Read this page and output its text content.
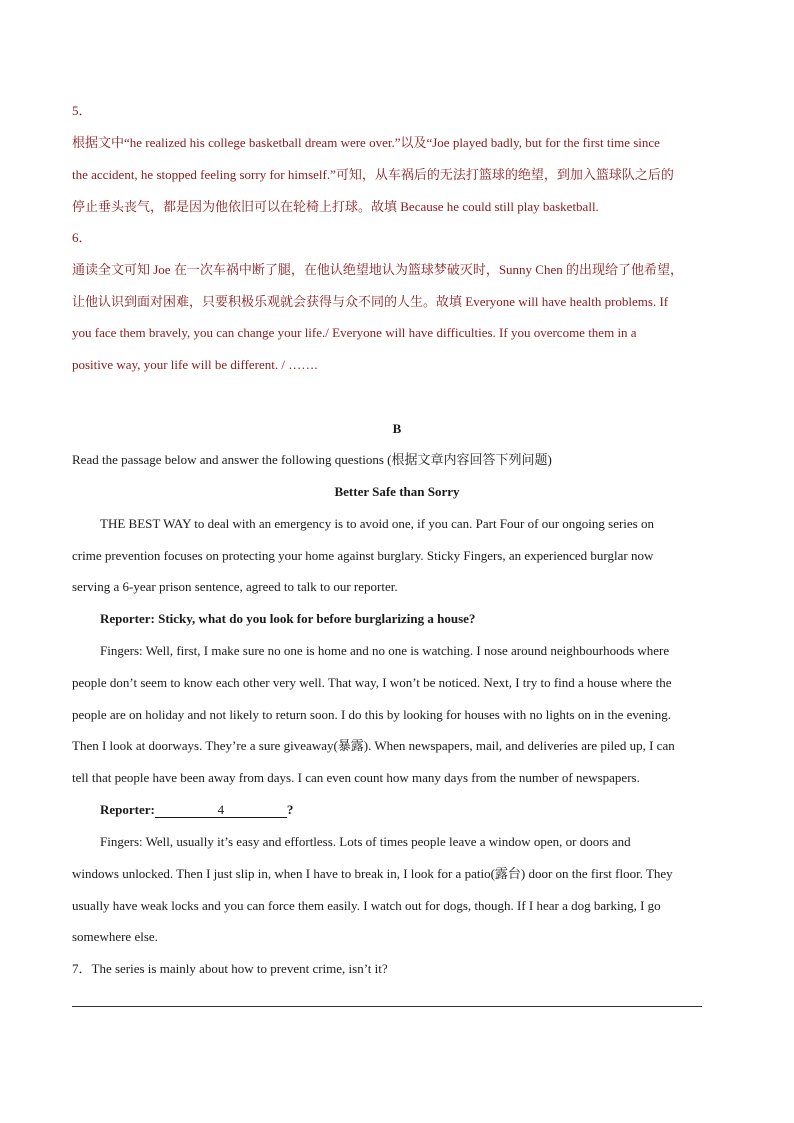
5．
根据文中“he realized his college basketball dream were over.”以及“Joe played badly, but for the first time since
the accident, he stopped feeling sorry for himself.”可知，从车祸后的无法打篮球的绝望，到加入篮球队之后的
停止垂头丧气，都是因为他依旧可以在轮椅上打球。故填 Because he could still play basketball.
6．
通读全文可知 Joe 在一次车祸中断了腿，在他认绝望地认为篮球梦破灭时，Sunny Chen 的出现给了他希望，
让他认识到面对困难，只要积极乐观就会获得与众不同的人生。故填 Everyone will have health problems. If
you face them bravely, you can change your life./ Everyone will have difficulties. If you overcome them in a
positive way, your life will be different. / …….
B
Read the passage below and answer the following questions (根据文章内容回答下列问题)
Better Safe than Sorry
THE BEST WAY to deal with an emergency is to avoid one, if you can. Part Four of our ongoing series on
crime prevention focuses on protecting your home against burglary. Sticky Fingers, an experienced burglar now
serving a 6-year prison sentence, agreed to talk to our reporter.
Reporter: Sticky, what do you look for before burglarizing a house?
Fingers: Well, first, I make sure no one is home and no one is watching. I nose around neighbourhoods where
people don’t seem to know each other very well. That way, I won’t be noticed. Next, I try to find a house where the
people are on holiday and not likely to return soon. I do this by looking for houses with no lights on in the evening.
Then I look at doorways. They’re a sure giveaway(暴露). When newspapers, mail, and deliveries are piled up, I can
tell that people have been away from days. I can even count how many days from the number of newspapers.
Reporter:	4	?
Fingers: Well, usually it’s easy and effortless. Lots of times people leave a window open, or doors and
windows unlocked. Then I just slip in, when I have to break in, I look for a patio(露台) door on the first floor. They
usually have weak locks and you can force them easily. I watch out for dogs, though. If I hear a dog barking, I go
somewhere else.
7．The series is mainly about how to prevent crime, isn’t it?
